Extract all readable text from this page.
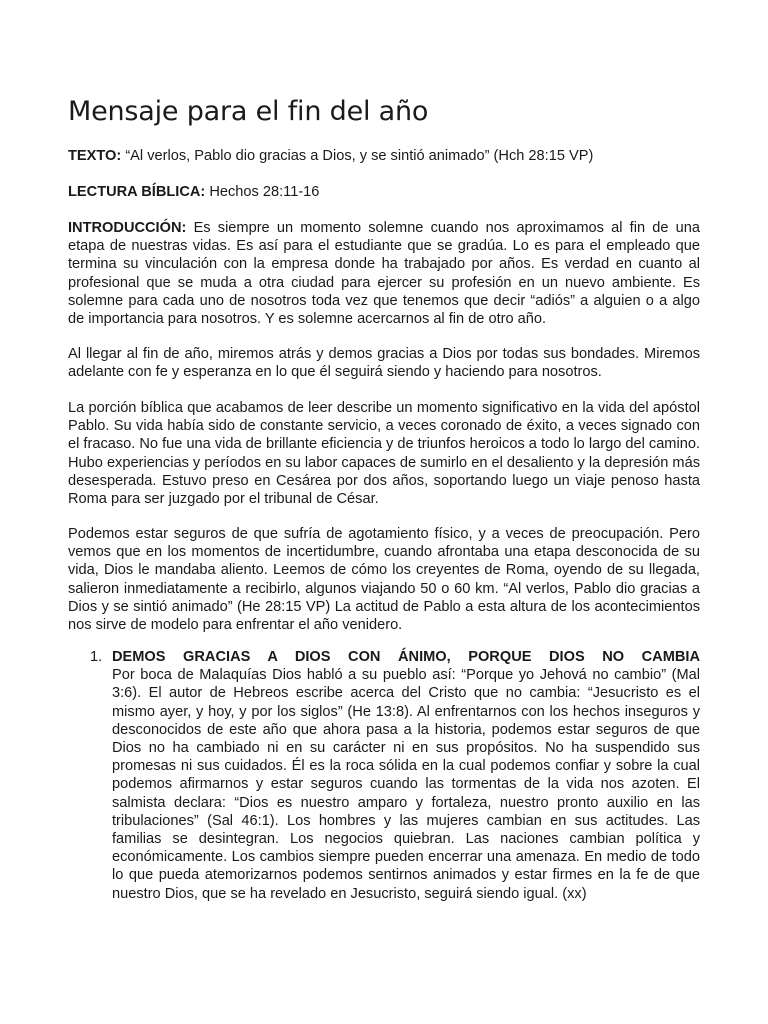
Mensaje para el fin del año

TEXTO: “Al verlos, Pablo dio gracias a Dios, y se sintió animado” (Hch 28:15 VP)

LECTURA BÍBLICA: Hechos 28:11-16

INTRODUCCIÓN: Es siempre un momento solemne cuando nos aproximamos al fin de una etapa de nuestras vidas. Es así para el estudiante que se gradúa. Lo es para el empleado que termina su vinculación con la empresa donde ha trabajado por años. Es verdad en cuanto al profesional que se muda a otra ciudad para ejercer su profesión en un nuevo ambiente. Es solemne para cada uno de nosotros toda vez que tenemos que decir “adiós” a alguien o a algo de importancia para nosotros. Y es solemne acercarnos al fin de otro año.

Al llegar al fin de año, miremos atrás y demos gracias a Dios por todas sus bondades. Miremos adelante con fe y esperanza en lo que él seguirá siendo y haciendo para nosotros.

La porción bíblica que acabamos de leer describe un momento significativo en la vida del apóstol Pablo. Su vida había sido de constante servicio, a veces coronado de éxito, a veces signado con el fracaso. No fue una vida de brillante eficiencia y de triunfos heroicos a todo lo largo del camino. Hubo experiencias y períodos en su labor capaces de sumirlo en el desaliento y la depresión más desesperada. Estuvo preso en Cesárea por dos años, soportando luego un viaje penoso hasta Roma para ser juzgado por el tribunal de César.

Podemos estar seguros de que sufría de agotamiento físico, y a veces de preocupación. Pero vemos que en los momentos de incertidumbre, cuando afrontaba una etapa desconocida de su vida, Dios le mandaba aliento. Leemos de cómo los creyentes de Roma, oyendo de su llegada, salieron inmediatamente a recibirlo, algunos viajando 50 o 60 km. “Al verlos, Pablo dio gracias a Dios y se sintió animado” (He 28:15 VP) La actitud de Pablo a esta altura de los acontecimientos nos sirve de modelo para enfrentar el año venidero.

1. DEMOS GRACIAS A DIOS CON ÁNIMO, PORQUE DIOS NO CAMBIA
Por boca de Malaquías Dios habló a su pueblo así: “Porque yo Jehová no cambio” (Mal 3:6). El autor de Hebreos escribe acerca del Cristo que no cambia: “Jesucristo es el mismo ayer, y hoy, y por los siglos” (He 13:8). Al enfrentarnos con los hechos inseguros y desconocidos de este año que ahora pasa a la historia, podemos estar seguros de que Dios no ha cambiado ni en su carácter ni en sus propósitos. No ha suspendido sus promesas ni sus cuidados. Él es la roca sólida en la cual podemos confiar y sobre la cual podemos afirmarnos y estar seguros cuando las tormentas de la vida nos azoten. El salmista declara: “Dios es nuestro amparo y fortaleza, nuestro pronto auxilio en las tribulaciones” (Sal 46:1). Los hombres y las mujeres cambian en sus actitudes. Las familias se desintegran. Los negocios quiebran. Las naciones cambian política y económicamente. Los cambios siempre pueden encerrar una amenaza. En medio de todo lo que pueda atemorizarnos podemos sentirnos animados y estar firmes en la fe de que nuestro Dios, que se ha revelado en Jesucristo, seguirá siendo igual. (xx)
